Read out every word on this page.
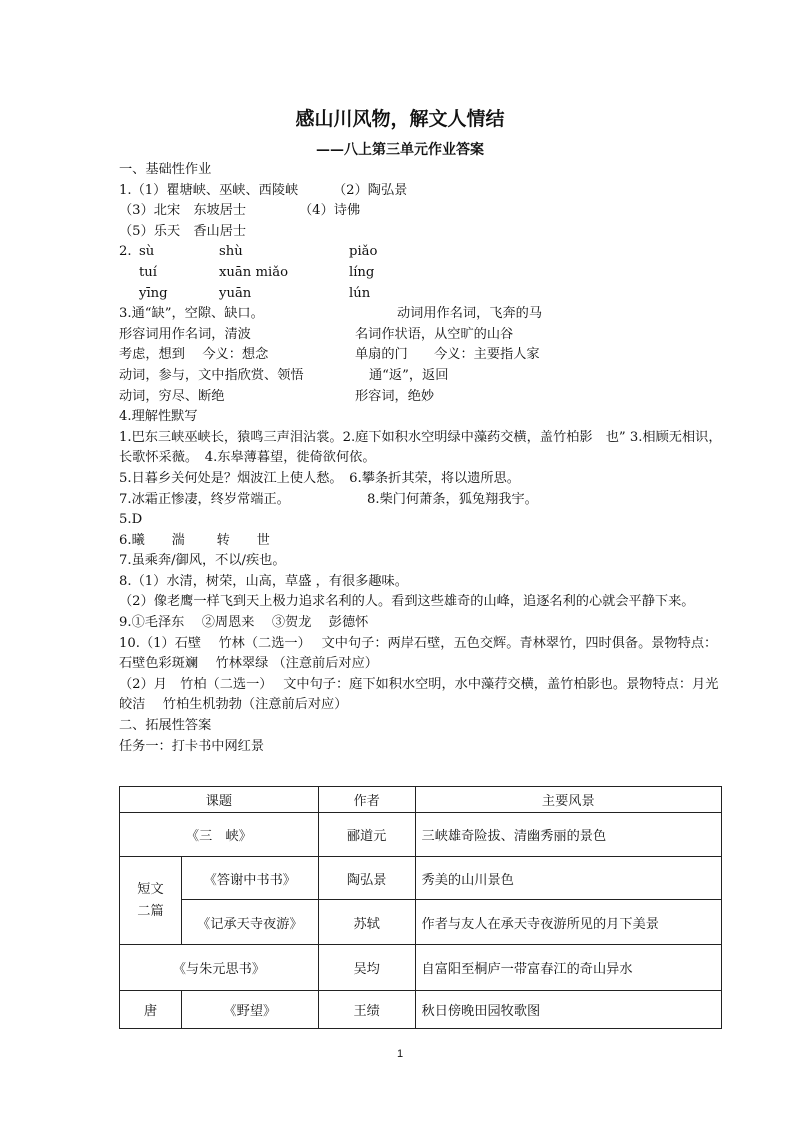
感山川风物，解文人情结
——八上第三单元作业答案
一、基础性作业
1.（1）瞿塘峡、巫峡、西陵峡	（2）陶弘景
（3）北宋　东坡居士	（4）诗佛
（5）乐天　香山居士
2. sù	shù	piǎo
tuí	xuān miǎo	líng
yīng	yuān	lún
3.通“缺”，空隙、缺口。	动词用作名词，飞奔的马
形容词用作名词，清波	名词作状语，从空旷的山谷
考虑，想到　 今义：想念	单扇的门　　今义：主要指人家
动词，参与，文中指欣赏、领悟	通“返”，返回
动词，穷尽、断绝	形容词，绝妙
4.理解性默写
1.巴东三峡巫峡长，猿鸣三声泪沾裳。2.庭下如积水空明绿中藻药交横，盖竹柏影　也” 3.相顾无相识，长歌怀采薇。　4.东皋薄暮望，徙倚欲何依。
5.日暮乡关何处是？烟波江上使人愁。　6.攀条折其荣，将以遗所思。
7.冰霜正惨凄，终岁常端正。	8.柴门何萧条，狐兔翔我宇。
5.D
6.曦 湍 转 世
7.虽乘奔/御风，不以/疾也。
8.（1）水清，树荣，山高，草盛 ，有很多趣味。
（2）像老鹰一样飞到天上极力追求名利的人。看到这些雄奇的山峰，追逐名利的心就会平静下来。
9.①毛泽东　 ②周恩来　 ③贺龙　 彭德怀
10.（1）石壁　 竹林（二选一）　 文中句子：两岸石壁，五色交辉。青林翠竹，四时俱备。景物特点：石壁色彩斑斓　 竹林翠绿 （注意前后对应）
（2）月　竹柏（二选一）　 文中句子：庭下如积水空明，水中藻荇交横，盖竹柏影也。景物特点：月光皎洁　 竹柏生机勃勃（注意前后对应）
二、拓展性答案
任务一：打卡书中网红景
课题		作者	主要风景
《三　峡》		郦道元	三峡雄奇险拔、清幽秀丽的景色
短文二篇	《答谢中书书》	陶弘景	秀美的山川景色
	《记承天寺夜游》	苏轼	作者与友人在承天寺夜游所见的月下美景
《与朱元思书》		吴均	自富阳至桐庐一带富春江的奇山异水
唐	《野望》	王绩	秋日傍晚田园牧歌图
1
